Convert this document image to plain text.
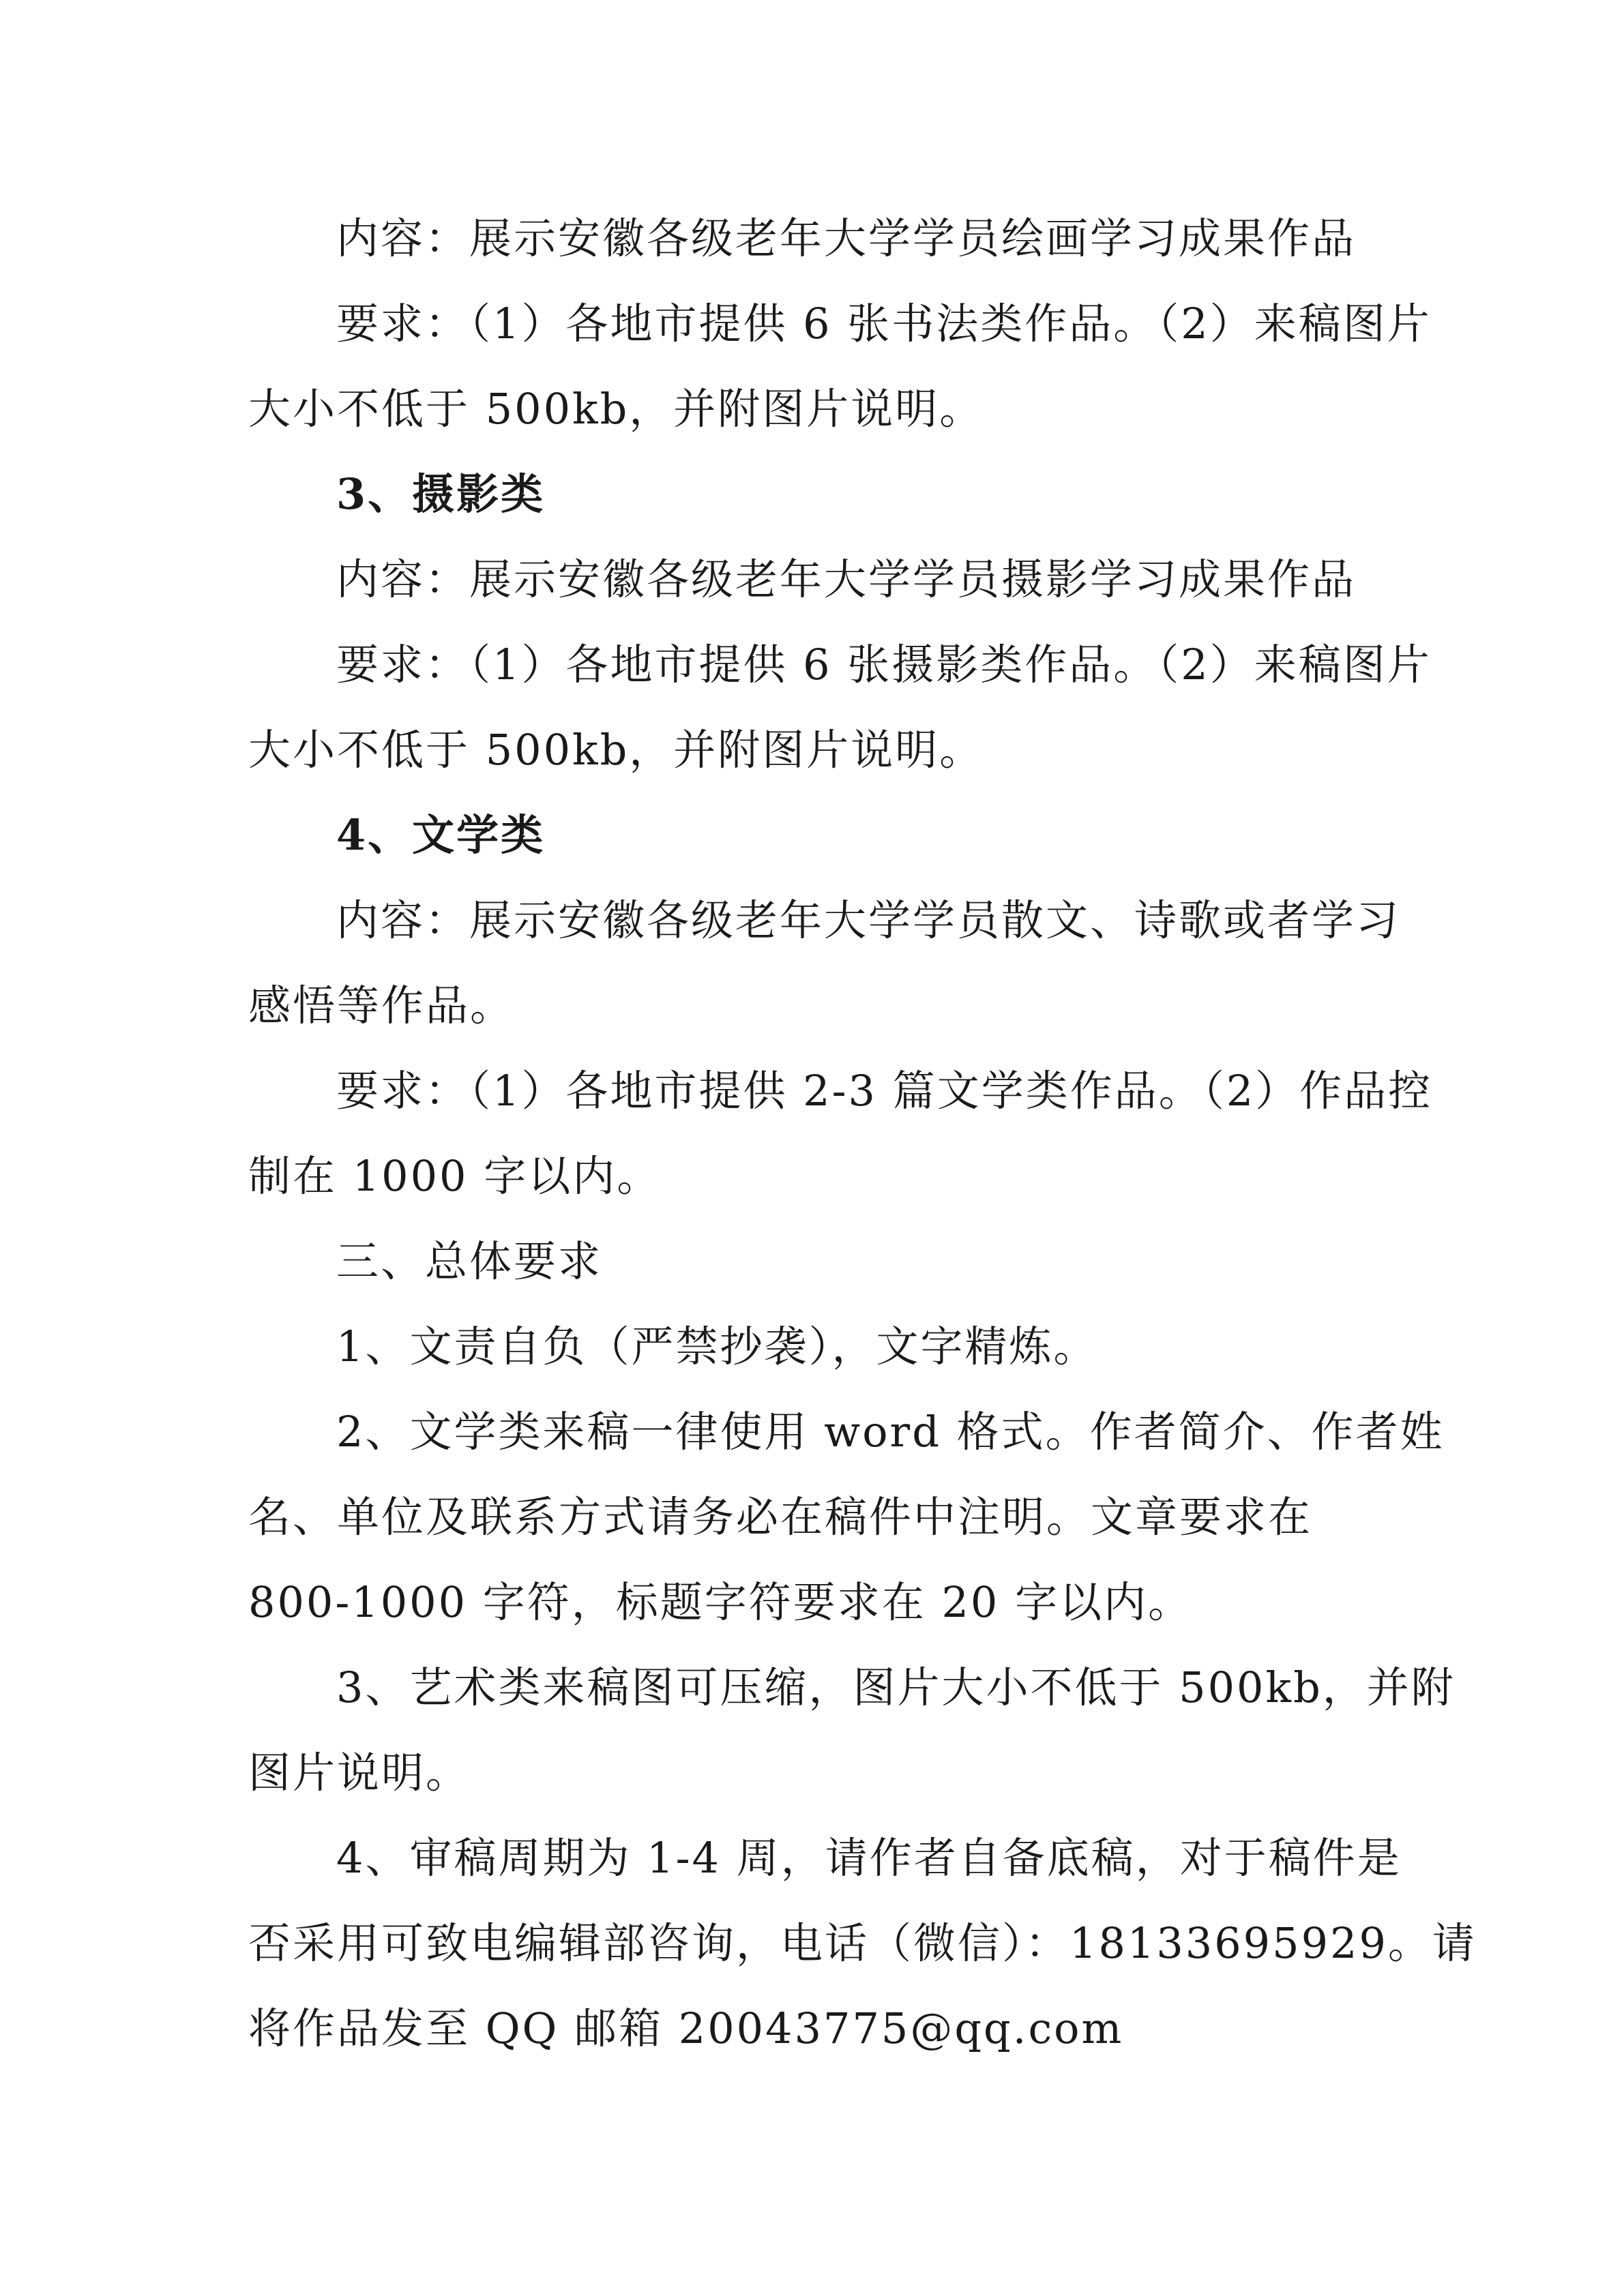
内容：展示安徽各级老年大学学员绘画学习成果作品
要求：（1）各地市提供 6 张书法类作品。（2）来稿图片
大小不低于 500kb，并附图片说明。
3、摄影类
内容：展示安徽各级老年大学学员摄影学习成果作品
要求：（1）各地市提供 6 张摄影类作品。（2）来稿图片
大小不低于 500kb，并附图片说明。
4、文学类
内容：展示安徽各级老年大学学员散文、诗歌或者学习
感悟等作品。
要求：（1）各地市提供 2-3 篇文学类作品。（2）作品控
制在 1000 字以内。
三、总体要求
1、文责自负（严禁抄袭），文字精炼。
2、文学类来稿一律使用 word 格式。作者简介、作者姓
名、单位及联系方式请务必在稿件中注明。文章要求在
800-1000 字符，标题字符要求在 20 字以内。
3、艺术类来稿图可压缩，图片大小不低于 500kb，并附
图片说明。
4、审稿周期为 1-4 周，请作者自备底稿，对于稿件是
否采用可致电编辑部咨询，电话（微信）：18133695929。请
将作品发至 QQ 邮箱 20043775@qq.com
